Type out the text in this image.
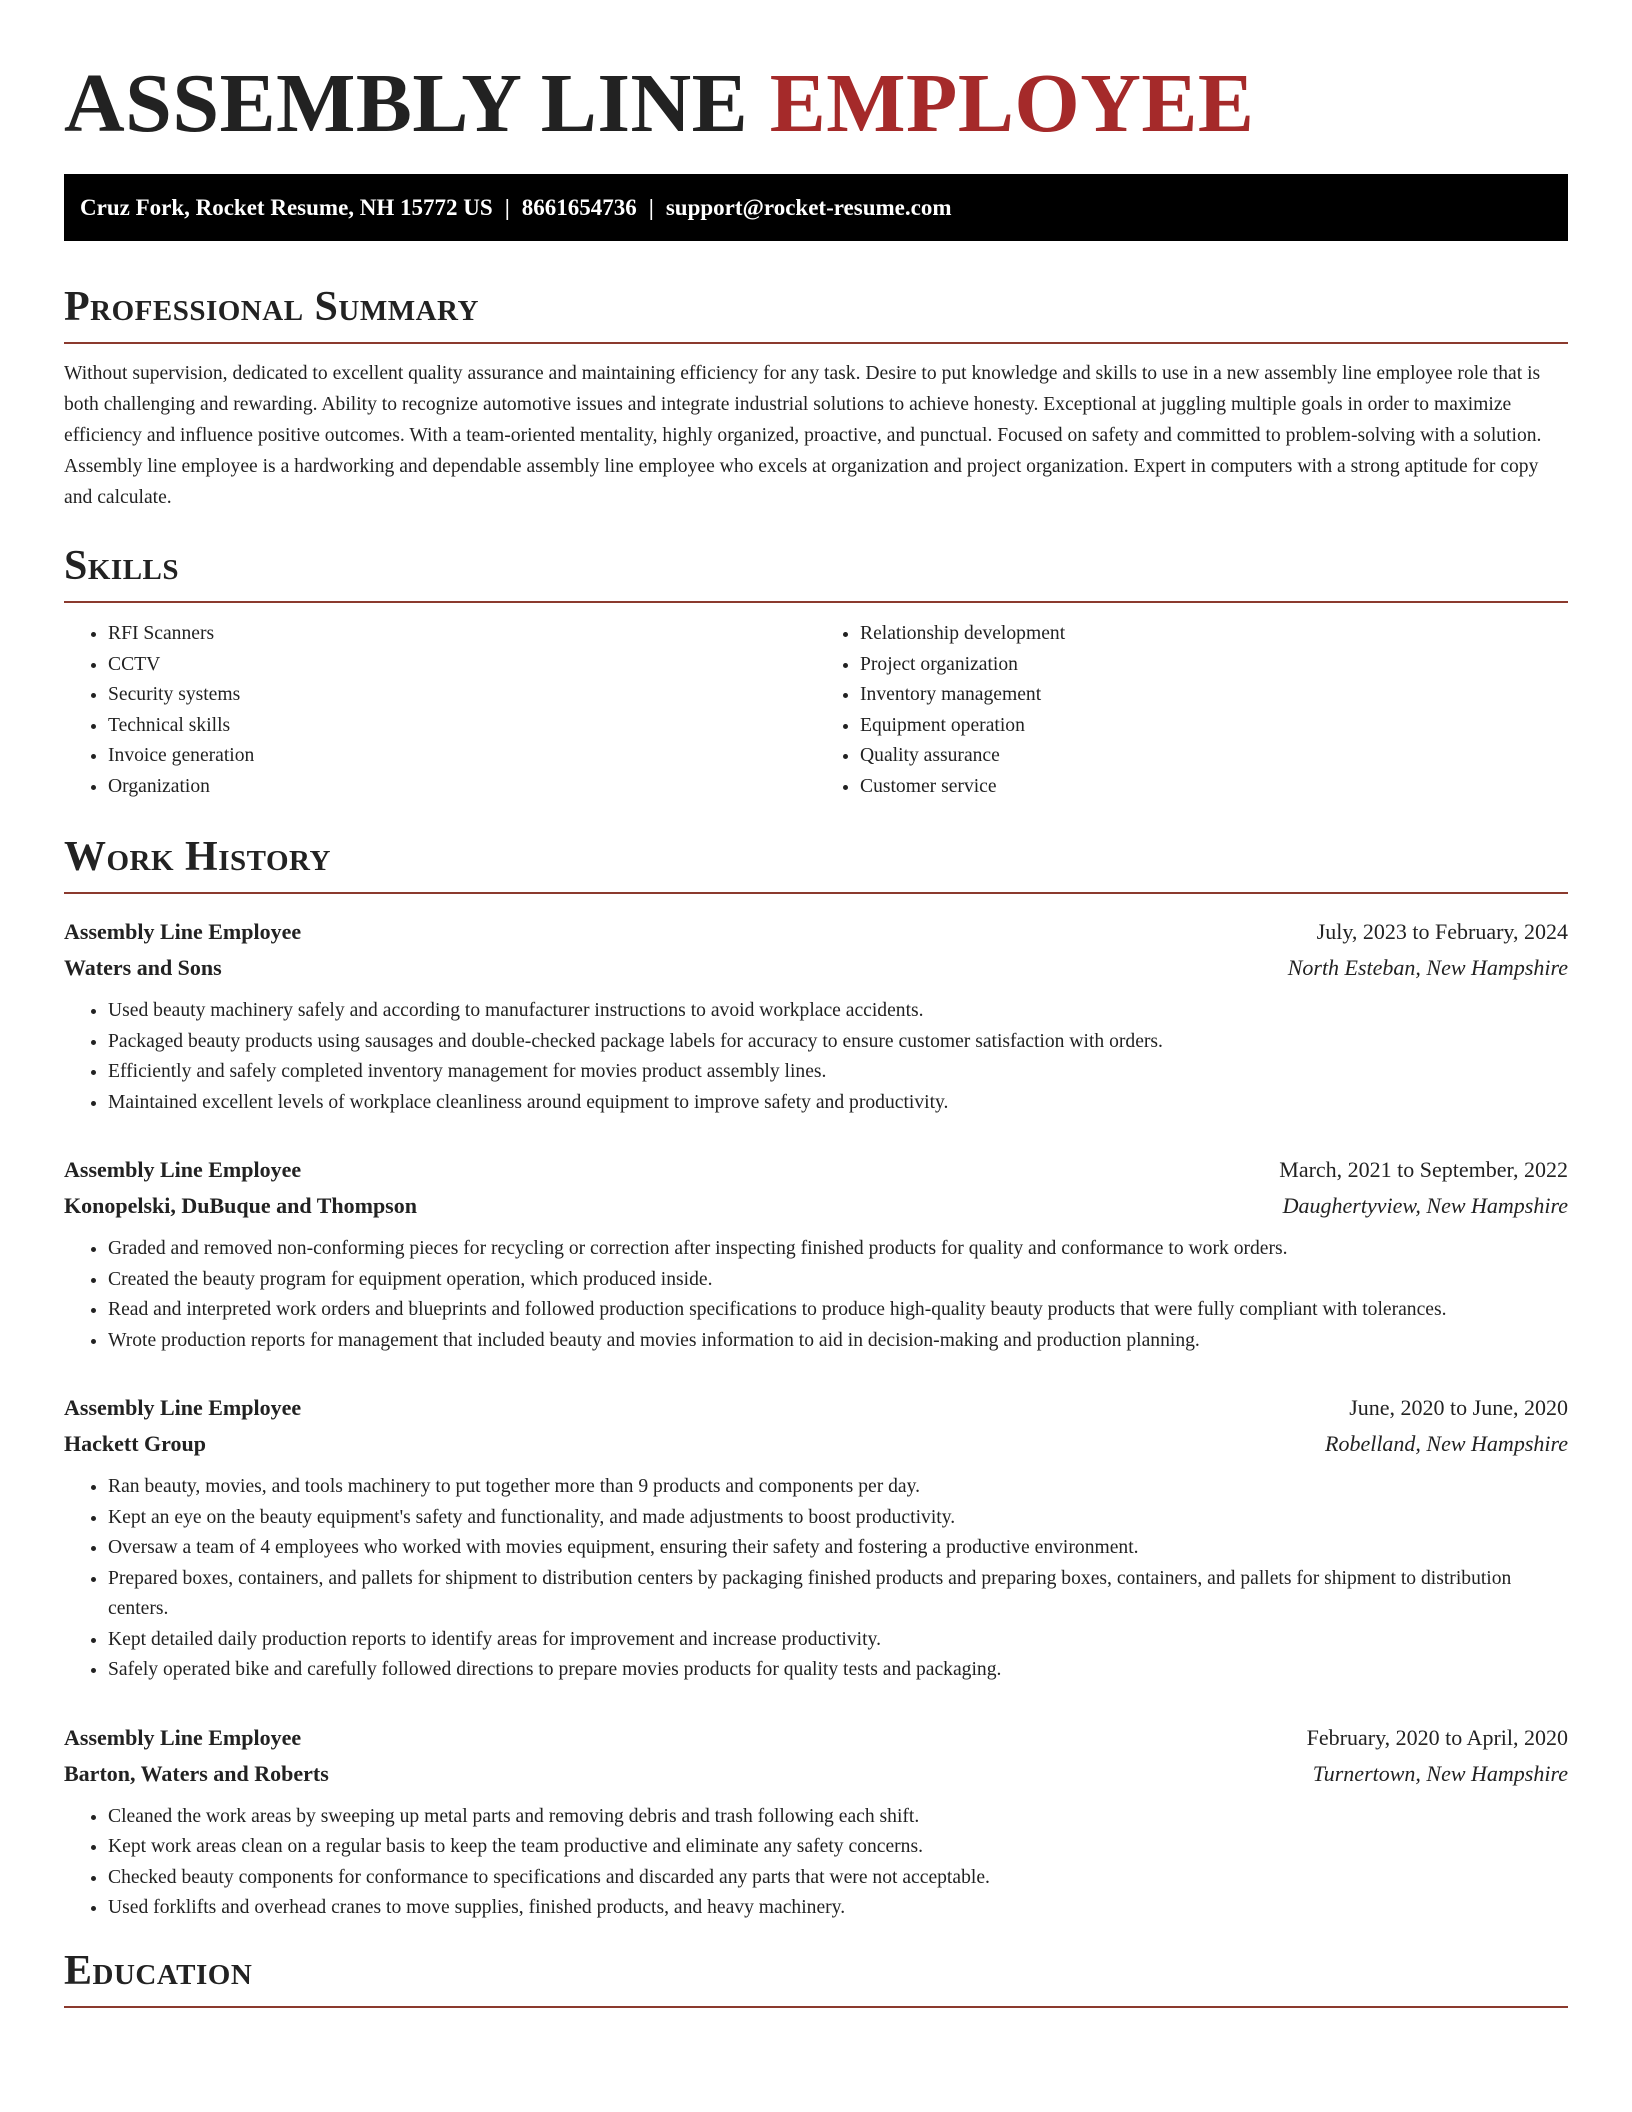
ASSEMBLY LINE EMPLOYEE
Cruz Fork, Rocket Resume, NH 15772 US | 8661654736 | support@rocket-resume.com
Professional Summary

Without supervision, dedicated to excellent quality assurance and maintaining efficiency for any task. Desire to put knowledge and skills to use in a new assembly line employee role that is both challenging and rewarding. Ability to recognize automotive issues and integrate industrial solutions to achieve honesty. Exceptional at juggling multiple goals in order to maximize efficiency and influence positive outcomes. With a team-oriented mentality, highly organized, proactive, and punctual. Focused on safety and committed to problem-solving with a solution. Assembly line employee is a hardworking and dependable assembly line employee who excels at organization and project organization. Expert in computers with a strong aptitude for copy and calculate.

Skills
• RFI Scanners
• CCTV
• Security systems
• Technical skills
• Invoice generation
• Organization
• Relationship development
• Project organization
• Inventory management
• Equipment operation
• Quality assurance
• Customer service
Work History
Assembly Line Employee	July, 2023 to February, 2024
Waters and Sons	North Esteban, New Hampshire
• Used beauty machinery safely and according to manufacturer instructions to avoid workplace accidents.
• Packaged beauty products using sausages and double-checked package labels for accuracy to ensure customer satisfaction with orders.
• Efficiently and safely completed inventory management for movies product assembly lines.
• Maintained excellent levels of workplace cleanliness around equipment to improve safety and productivity.
Assembly Line Employee	March, 2021 to September, 2022
Konopelski, DuBuque and Thompson	Daughertyview, New Hampshire
• Graded and removed non-conforming pieces for recycling or correction after inspecting finished products for quality and conformance to work orders.
• Created the beauty program for equipment operation, which produced inside.
• Read and interpreted work orders and blueprints and followed production specifications to produce high-quality beauty products that were fully compliant with tolerances.
• Wrote production reports for management that included beauty and movies information to aid in decision-making and production planning.
Assembly Line Employee	June, 2020 to June, 2020
Hackett Group	Robelland, New Hampshire
• Ran beauty, movies, and tools machinery to put together more than 9 products and components per day.
• Kept an eye on the beauty equipment's safety and functionality, and made adjustments to boost productivity.
• Oversaw a team of 4 employees who worked with movies equipment, ensuring their safety and fostering a productive environment.
• Prepared boxes, containers, and pallets for shipment to distribution centers by packaging finished products and preparing boxes, containers, and pallets for shipment to distribution centers.
• Kept detailed daily production reports to identify areas for improvement and increase productivity.
• Safely operated bike and carefully followed directions to prepare movies products for quality tests and packaging.
Assembly Line Employee	February, 2020 to April, 2020
Barton, Waters and Roberts	Turnertown, New Hampshire
• Cleaned the work areas by sweeping up metal parts and removing debris and trash following each shift.
• Kept work areas clean on a regular basis to keep the team productive and eliminate any safety concerns.
• Checked beauty components for conformance to specifications and discarded any parts that were not acceptable.
• Used forklifts and overhead cranes to move supplies, finished products, and heavy machinery.
Education
